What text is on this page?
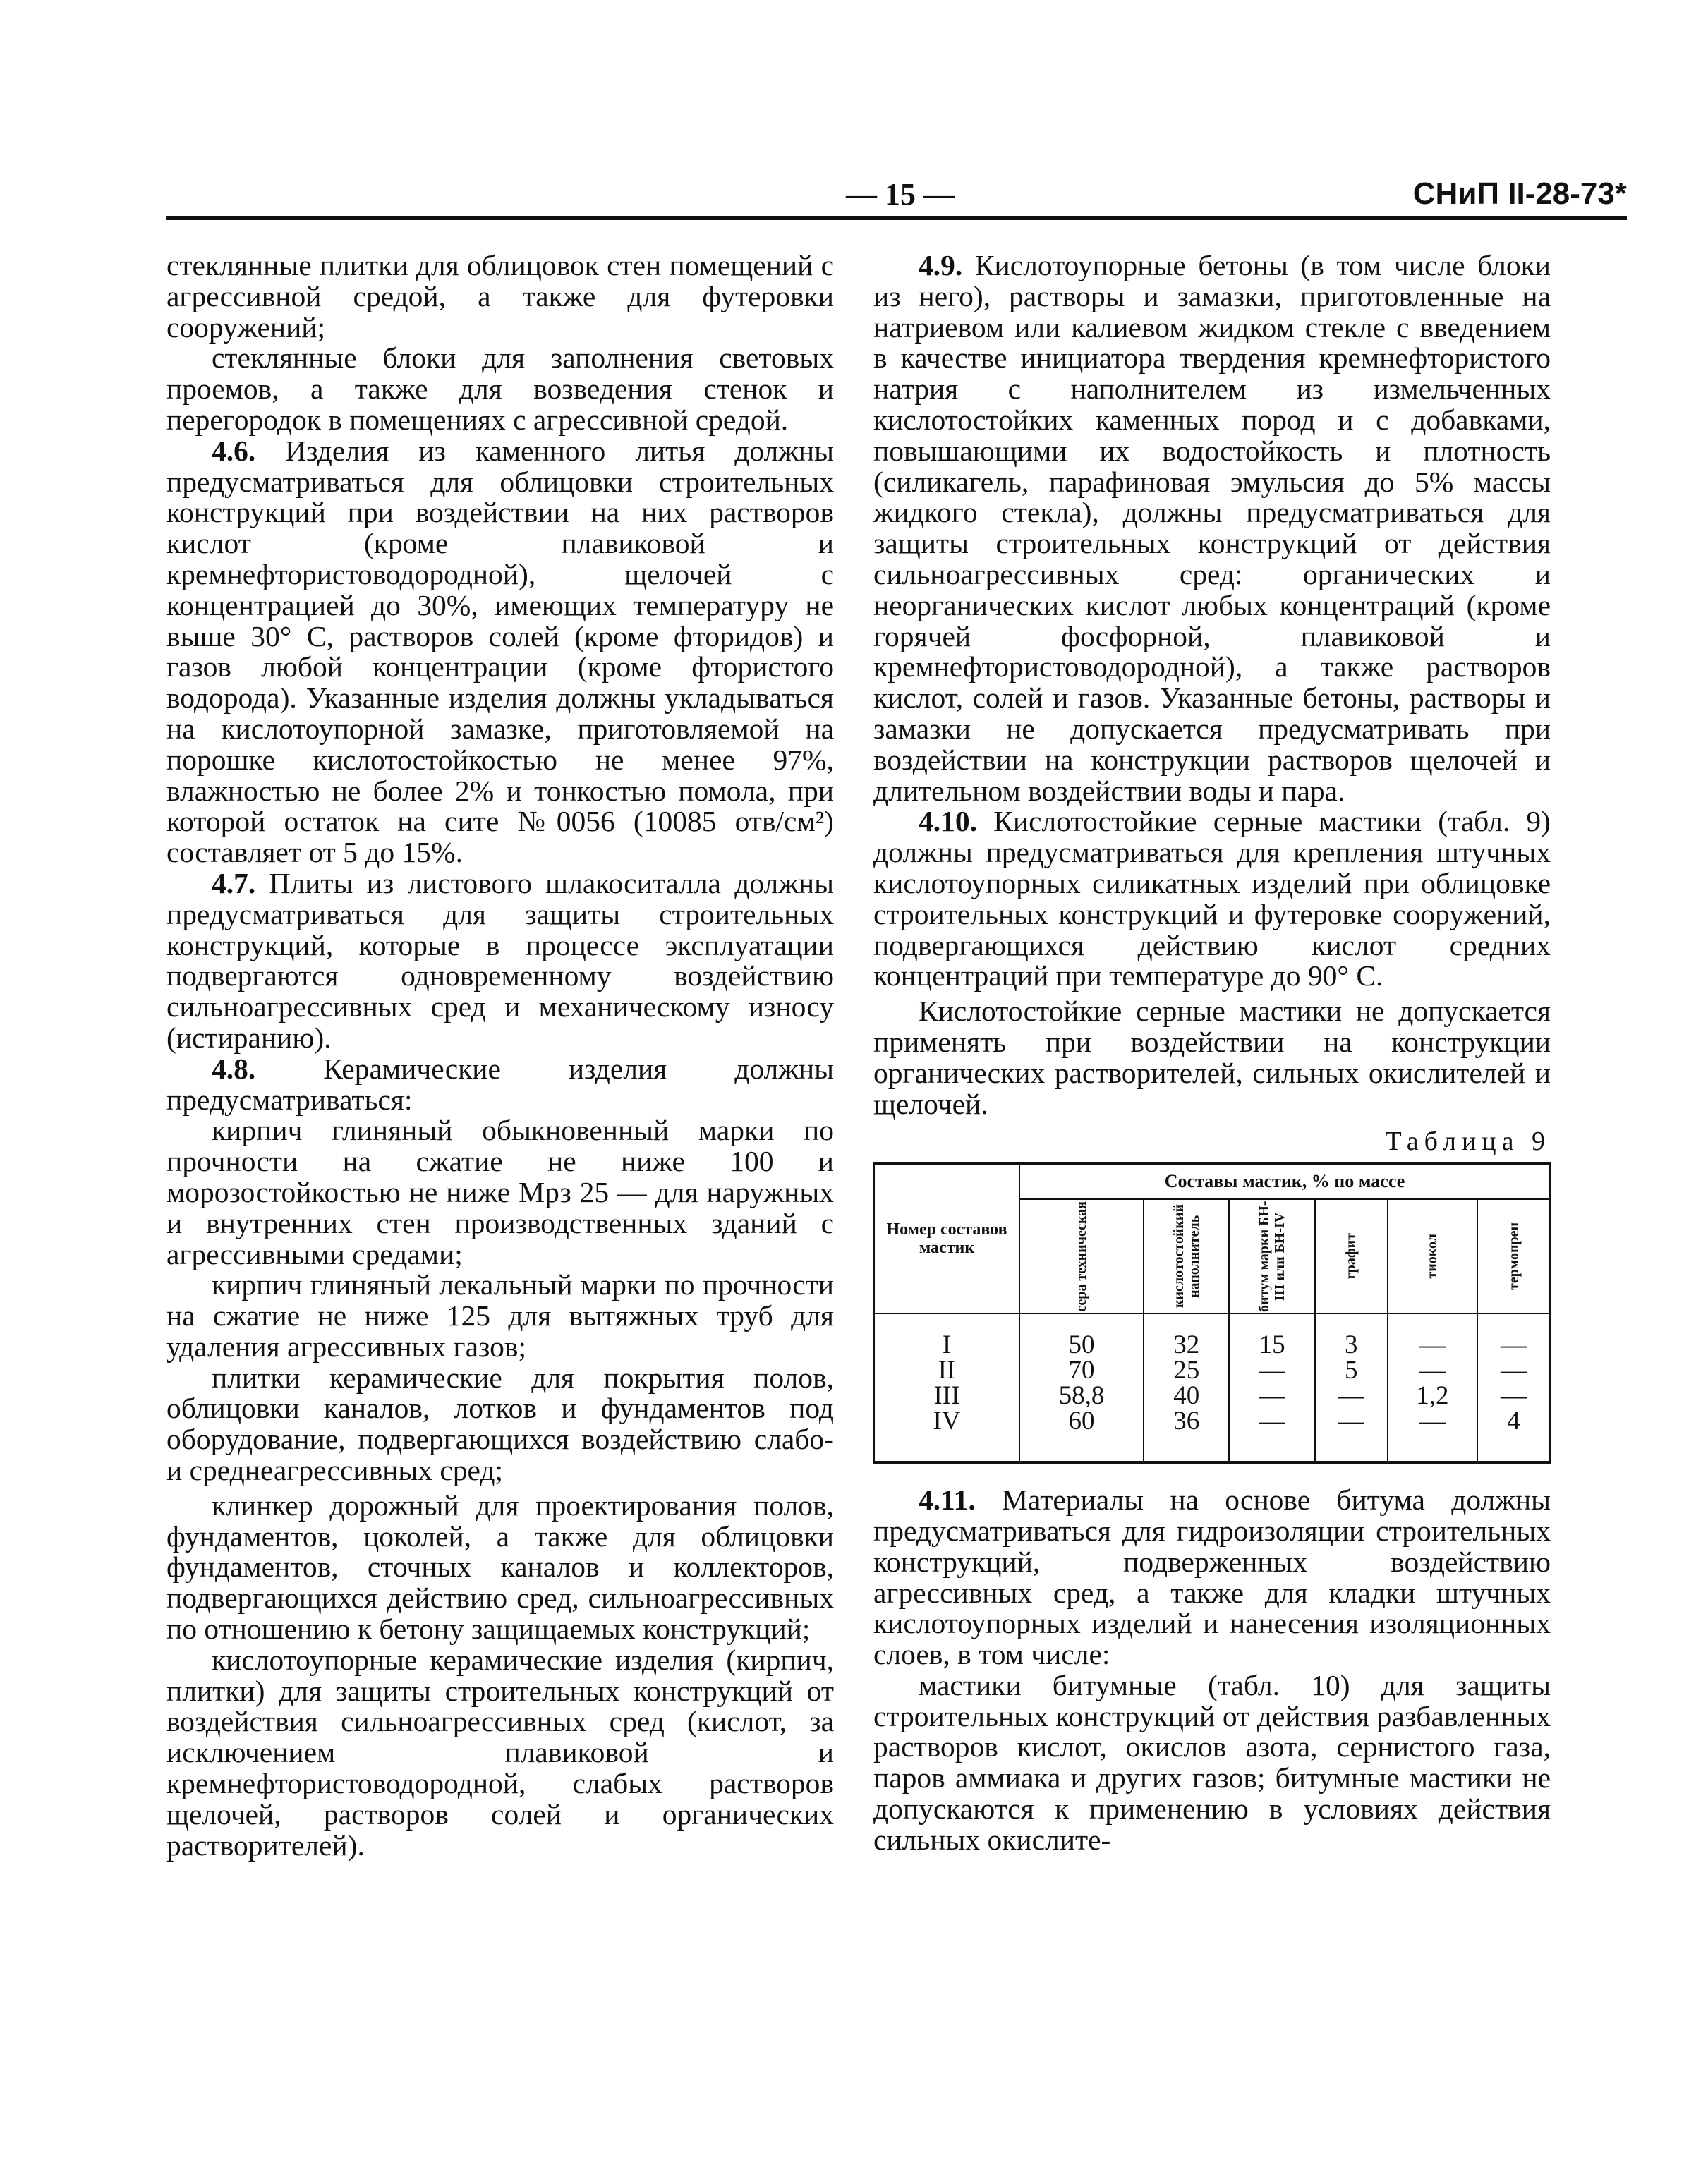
— 15 —	СНиП II-28-73*

стеклянные плитки для облицовок стен помещений с агрессивной средой, а также для футеровки сооружений;

стеклянные блоки для заполнения световых проемов, а также для возведения стенок и перегородок в помещениях с агрессивной средой.

4.6. Изделия из каменного литья должны предусматриваться для облицовки строительных конструкций при воздействии на них растворов кислот (кроме плавиковой и кремнефтористоводородной), щелочей с концентрацией до 30%, имеющих температуру не выше 30° С, растворов солей (кроме фторидов) и газов любой концентрации (кроме фтористого водорода). Указанные изделия должны укладываться на кислотоупорной замазке, приготовляемой на порошке кислотостойкостью не менее 97%, влажностью не более 2% и тонкостью помола, при которой остаток на сите №0056 (10085 отв/см²) составляет от 5 до 15%.

4.7. Плиты из листового шлакоситалла должны предусматриваться для защиты строительных конструкций, которые в процессе эксплуатации подвергаются одновременному воздействию сильноагрессивных сред и механическому износу (истиранию).

4.8. Керамические изделия должны предусматриваться:

кирпич глиняный обыкновенный марки по прочности на сжатие не ниже 100 и морозостойкостью не ниже Мрз 25 — для наружных и внутренних стен производственных зданий с агрессивными средами;

кирпич глиняный лекальный марки по прочности на сжатие не ниже 125 для вытяжных труб для удаления агрессивных газов;

плитки керамические для покрытия полов, облицовки каналов, лотков и фундаментов под оборудование, подвергающихся воздействию слабо- и среднеагрессивных сред;

клинкер дорожный для проектирования полов, фундаментов, цоколей, а также для облицовки фундаментов, сточных каналов и коллекторов, подвергающихся действию сред, сильноагрессивных по отношению к бетону защищаемых конструкций;

кислотоупорные керамические изделия (кирпич, плитки) для защиты строительных конструкций от воздействия сильноагрессивных сред (кислот, за исключением плавиковой и кремнефтористоводородной, слабых растворов щелочей, растворов солей и органических растворителей).

4.9. Кислотоупорные бетоны (в том числе блоки из него), растворы и замазки, приготовленные на натриевом или калиевом жидком стекле с введением в качестве инициатора твердения кремнефтористого натрия с наполнителем из измельченных кислотостойких каменных пород и с добавками, повышающими их водостойкость и плотность (силикагель, парафиновая эмульсия до 5% массы жидкого стекла), должны предусматриваться для защиты строительных конструкций от действия сильноагрессивных сред: органических и неорганических кислот любых концентраций (кроме горячей фосфорной, плавиковой и кремнефтористоводородной), а также растворов кислот, солей и газов. Указанные бетоны, растворы и замазки не допускается предусматривать при воздействии на конструкции растворов щелочей и длительном воздействии воды и пара.

4.10. Кислотостойкие серные мастики (табл. 9) должны предусматриваться для крепления штучных кислотоупорных силикатных изделий при облицовке строительных конструкций и футеровке сооружений, подвергающихся действию кислот средних концентраций при температуре до 90° С.

Кислотостойкие серные мастики не допускается применять при воздействии на конструкции органических растворителей, сильных окислителей и щелочей.

Таблица 9
Номер составов мастик	Составы мастик, % по массе					

	сера техническая	кислотостойкий наполнитель	битум марки БН-III или БН-IV	графит	тиокол	термопрен

I	50	32	15	3	—	—
II	70	25	—	5	—	—
III	58,8	40	—	—	1,2	—
IV	60	36	—	—	—	4

4.11. Материалы на основе битума должны предусматриваться для гидроизоляции строительных конструкций, подверженных воздействию агрессивных сред, а также для кладки штучных кислотоупорных изделий и нанесения изоляционных слоев, в том числе:

мастики битумные (табл. 10) для защиты строительных конструкций от действия разбавленных растворов кислот, окислов азота, сернистого газа, паров аммиака и других газов; битумные мастики не допускаются к применению в условиях действия сильных окислите-
